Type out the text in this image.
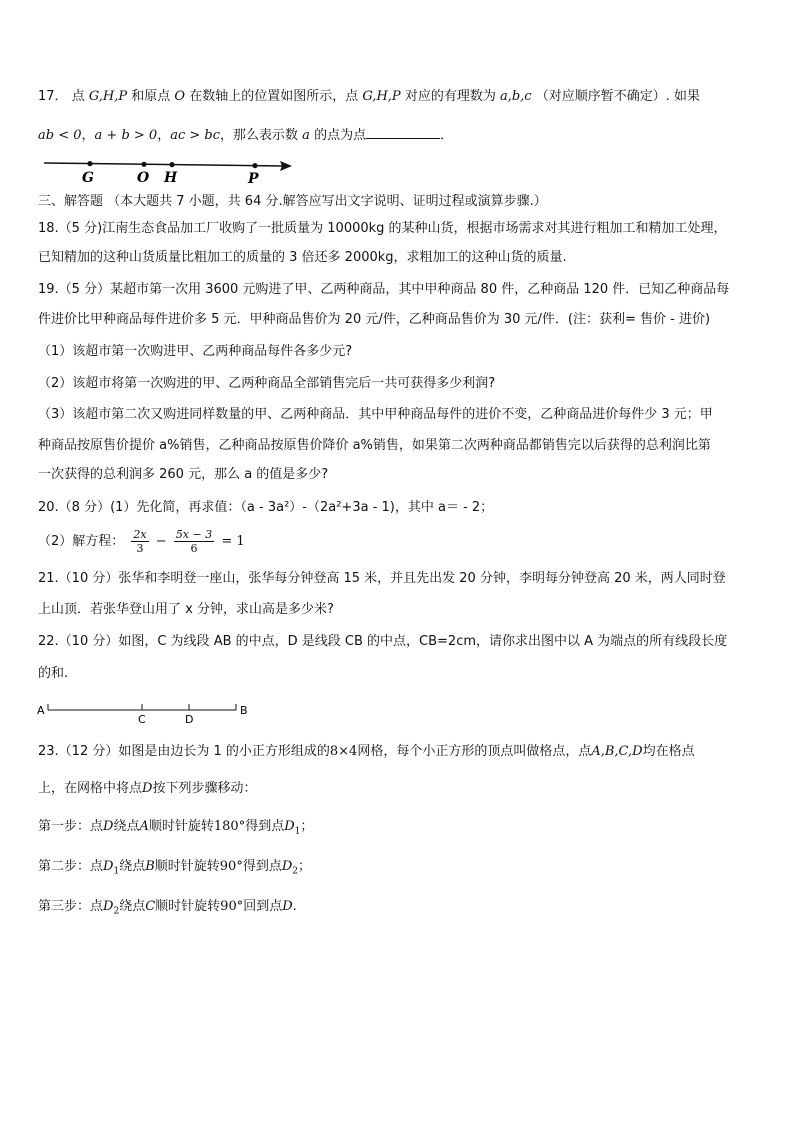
17． 点 G,H,P 和原点 O 在数轴上的位置如图所示，点 G,H,P 对应的有理数为 a,b,c （对应顺序暂不确定）. 如果
ab < 0，a + b > 0，ac > bc，那么表示数 a 的点为点	．
G	O H	P
三、解答题 （本大题共 7 小题，共 64 分.解答应写出文字说明、证明过程或演算步骤.）
18.（5 分)江南生态食品加工厂收购了一批质量为 10000kg 的某种山货，根据市场需求对其进行粗加工和精加工处理，
已知精加的这种山货质量比粗加工的质量的 3 倍还多 2000kg，求粗加工的这种山货的质量.
19.（5 分）某超市第一次用 3600 元购进了甲、乙两种商品，其中甲种商品 80 件，乙种商品 120 件．已知乙种商品每
件进价比甲种商品每件进价多 5 元．甲种商品售价为 20 元/件，乙种商品售价为 30 元/件．(注：获利= 售价 - 进价)
（1）该超市第一次购进甲、乙两种商品每件各多少元?
（2）该超市将第一次购进的甲、乙两种商品全部销售完后一共可获得多少利润?
（3）该超市第二次又购进同样数量的甲、乙两种商品．其中甲种商品每件的进价不变，乙种商品进价每件少 3 元；甲
种商品按原售价提价 a%销售，乙种商品按原售价降价 a%销售，如果第二次两种商品都销售完以后获得的总利润比第
一次获得的总利润多 260 元，那么 a 的值是多少?
20.（8 分）(1）先化简，再求值：（a - 3a²）-（2a²+3a - 1)，其中 a＝ - 2；
（2）解方程： $\frac{2x}{3} - \frac{5x - 3}{6} = 1$
21.（10 分）张华和李明登一座山，张华每分钟登高 15 米，并且先出发 20 分钟，李明每分钟登高 20 米，两人同时登
上山顶．若张华登山用了 x 分钟，求山高是多少米?
22.（10 分）如图，C 为线段 AB 的中点，D 是线段 CB 的中点，CB=2cm，请你求出图中以 A 为端点的所有线段长度
的和.
A
C	D
B
23.（12 分）如图是由边长为 1 的小正方形组成的8×4网格，每个小正方形的顶点叫做格点，点A,B,C,D均在格点
上，在网格中将点D按下列步骤移动：
第一步：点D绕点A顺时针旋转180°得到点$D_1$；
第二步：点$D_1$绕点B顺时针旋转90°得到点$D_2$；
第三步：点$D_2$绕点C顺时针旋转90°回到点D.
